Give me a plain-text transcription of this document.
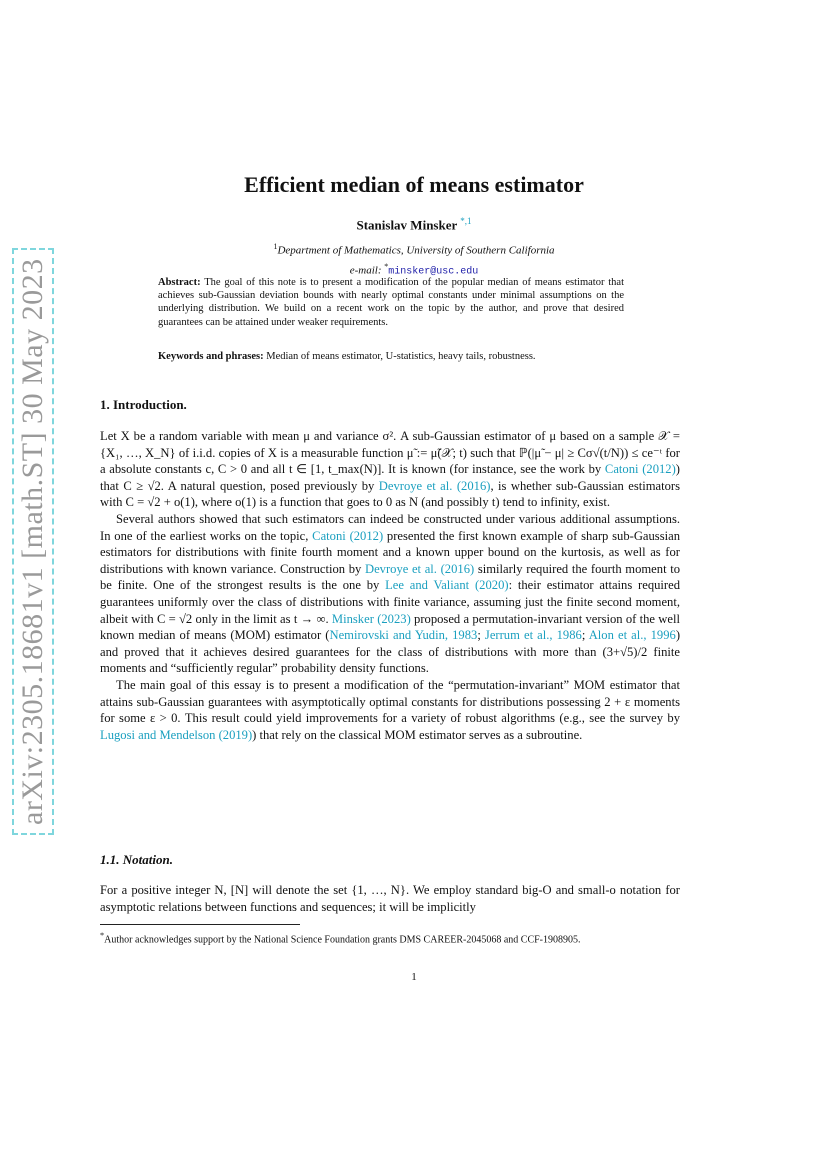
arXiv:2305.18681v1 [math.ST] 30 May 2023
Efficient median of means estimator
Stanislav Minsker $^{*,1}$
$^1$Department of Mathematics, University of Southern California
e-mail: *minsker@usc.edu
Abstract: The goal of this note is to present a modification of the popular median of means estimator that achieves sub-Gaussian deviation bounds with nearly optimal constants under minimal assumptions on the underlying distribution. We build on a recent work on the topic by the author, and prove that desired guarantees can be attained under weaker requirements.
Keywords and phrases: Median of means estimator, U-statistics, heavy tails, robustness.
1. Introduction.

Let X be a random variable with mean μ and variance σ². A sub-Gaussian estimator of μ based on a sample 𝒳 = {X₁, …, X_N} of i.i.d. copies of X is a measurable function μ̃ := μ̃(𝒳; t) such that ℙ(|μ̃ − μ| ≥ Cσ√(t/N)) ≤ ce⁻ᵗ for a absolute constants c, C > 0 and all t ∈ [1, t_max(N)]. It is known (for instance, see the work by Catoni (2012)) that C ≥ √2. A natural question, posed previously by Devroye et al. (2016), is whether sub-Gaussian estimators with C = √2 + o(1), where o(1) is a function that goes to 0 as N (and possibly t) tend to infinity, exist.

Several authors showed that such estimators can indeed be constructed under various additional assumptions. In one of the earliest works on the topic, Catoni (2012) presented the first known example of sharp sub-Gaussian estimators for distributions with finite fourth moment and a known upper bound on the kurtosis, as well as for distributions with known variance. Construction by Devroye et al. (2016) similarly required the fourth moment to be finite. One of the strongest results is the one by Lee and Valiant (2020): their estimator attains required guarantees uniformly over the class of distributions with finite variance, assuming just the finite second moment, albeit with C = √2 only in the limit as t → ∞. Minsker (2023) proposed a permutation-invariant version of the well known median of means (MOM) estimator (Nemirovski and Yudin, 1983; Jerrum et al., 1986; Alon et al., 1996) and proved that it achieves desired guarantees for the class of distributions with more than (3+√5)/2 finite moments and “sufficiently regular” probability density functions.

The main goal of this essay is to present a modification of the “permutation-invariant” MOM estimator that attains sub-Gaussian guarantees with asymptotically optimal constants for distributions possessing 2 + ε moments for some ε > 0. This result could yield improvements for a variety of robust algorithms (e.g., see the survey by Lugosi and Mendelson (2019)) that rely on the classical MOM estimator serves as a subroutine.

1.1. Notation.

For a positive integer N, [N] will denote the set {1, …, N}. We employ standard big-O and small-o notation for asymptotic relations between functions and sequences; it will be implicitly

*Author acknowledges support by the National Science Foundation grants DMS CAREER-2045068 and CCF-1908905.
1
